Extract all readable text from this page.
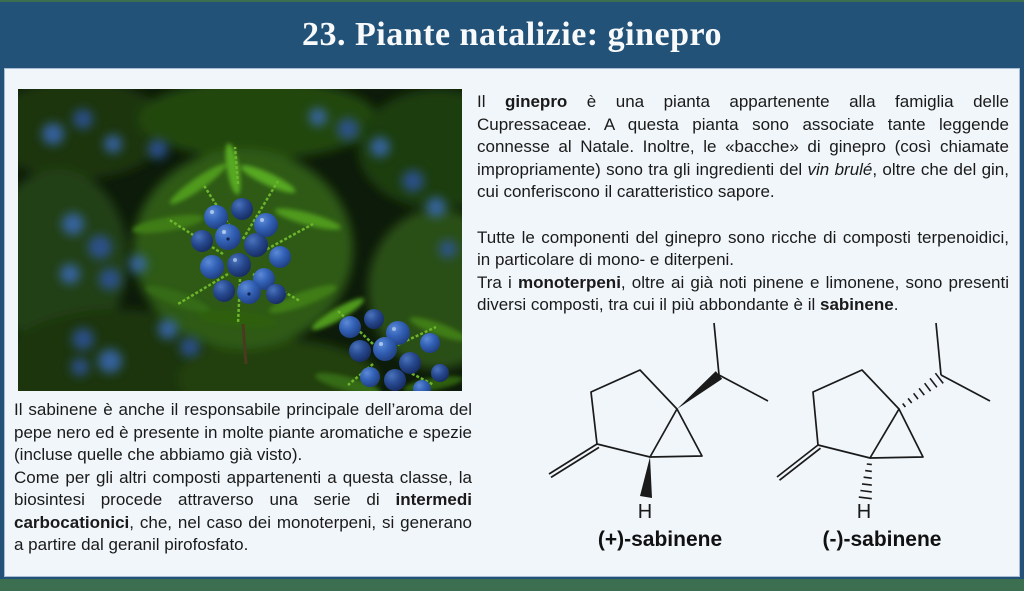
23. Piante natalizie: ginepro

Il ginepro è una pianta appartenente alla famiglia delle Cupressaceae. A questa pianta sono associate tante leggende connesse al Natale. Inoltre, le «bacche» di ginepro (così chiamate impropriamente) sono tra gli ingredienti del vin brulé, oltre che del gin, cui conferiscono il caratteristico sapore.

Tutte le componenti del ginepro sono ricche di composti terpenoidici, in particolare di mono- e diterpeni.

Tra i monoterpeni, oltre ai già noti pinene e limonene, sono presenti diversi composti, tra cui il più abbondante è il sabinene.

Il sabinene è anche il responsabile principale dell’aroma del pepe nero ed è presente in molte piante aromatiche e spezie (incluse quelle che abbiamo già visto).

Come per gli altri composti appartenenti a questa classe, la biosintesi procede attraverso una serie di intermedi carbocationici, che, nel caso dei monoterpeni, si generano a partire dal geranil pirofosfato.

H
(+)-sabinene
H
(-)-sabinene
